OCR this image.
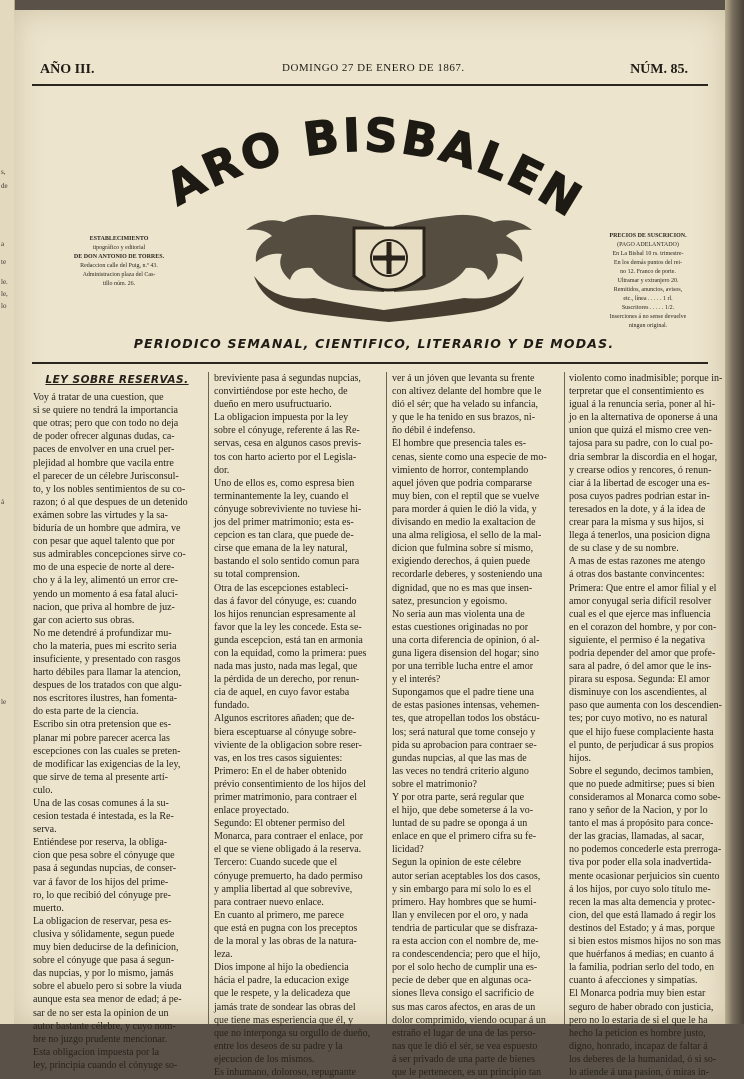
s,
de
a
te
le.
le,
lo
á
le
AÑO III.	DOMINGO 27 DE ENERO DE 1867.	NÚM. 85.
ARO BISBALEN
ESTABLECIMIENTO
tipográfico y editorial
DE DON ANTONIO DE TORRES.
Redaccion calle del Puig, n.º 43.
Administracion plaza del Cas-
tillo núm. 26.
PRECIOS DE SUSCRICION.
(PAGO ADELANTADO)
En La Bisbal 10 rs. trimestre-
En los demás puntos del rei-
no 12. Franco de porte.
Ultramar y extranjero 20.
Remitidos, anuncios, avisos,
etc., línea . . . . . 1 rl.
Suscritores . . . . . 1/2.
Inserciones á no sense devuelve
ningun original.
PERIODICO SEMANAL, CIENTIFICO, LITERARIO Y DE MODAS.
LEY SOBRE RESERVAS.
Voy á tratar de una cuestion, que
si se quiere no tendrá la importancia
que otras; pero que con todo no deja
de poder ofrecer algunas dudas, ca-
paces de envolver en una cruel per-
plejidad al hombre que vacila entre
el parecer de un célebre Jurisconsul-
to, y los nobles sentimientos de su co-
razon; ó al que despues de un detenido
exámen sobre las virtudes y la sa-
biduría de un hombre que admira, ve
con pesar que aquel talento que por
sus admirables concepciones sirve co-
mo de una especie de norte al dere-
cho y á la ley, alimentó un error cre-
yendo un momento á esa fatal aluci-
nacion, que priva al hombre de juz-
gar con acierto sus obras.
No me detendré á profundizar mu-
cho la materia, pues mi escrito seria
insuficiente, y presentado con rasgos
harto débiles para llamar la atencion,
despues de los tratados con que algu-
nos escritores ilustres, han fomenta-
do esta parte de la ciencia.
Escribo sin otra pretension que es-
planar mi pobre parecer acerca las
escepciones con las cuales se preten-
de modificar las exigencias de la ley,
que sirve de tema al presente artí-
culo.
Una de las cosas comunes á la su-
cesion testada é intestada, es la Re-
serva.
Entiéndese por reserva, la obliga-
cion que pesa sobre el cónyuge que
pasa á segundas nupcias, de conser-
var á favor de los hijos del prime-
ro, lo que recibió del cónyuge pre-
muerto.
La obligacion de reservar, pesa es-
clusiva y sólidamente, segun puede
muy bien deducirse de la definicion,
sobre el cónyuge que pasa á segun-
das nupcias, y por lo mismo, jamás
sobre el abuelo pero si sobre la viuda
aunque esta sea menor de edad; á pe-
sar de no ser esta la opinion de un
autor bastante célebre, y cuyo nom-
bre no juzgo prudente mencionar.
Esta obligacion impuesta por la
ley, principia cuando el cónyuge so-
breviviente pasa á segundas nupcias,
convirtiéndose por este hecho, de
dueño en mero usufructuario.
La obligacion impuesta por la ley
sobre el cónyuge, referente á las Re-
servas, cesa en algunos casos previs-
tos con harto acierto por el Legisla-
dor.
Uno de ellos es, como espresa bien
terminantemente la ley, cuando el
cónyuge sobreviviente no tuviese hi-
jos del primer matrimonio; esta es-
cepcion es tan clara, que puede de-
cirse que emana de la ley natural,
bastando el solo sentido comun para
su total comprension.
Otra de las escepciones estableci-
das á favor del cónyuge, es: cuando
los hijos renuncian espresamente al
favor que la ley les concede. Esta se-
gunda escepcion, está tan en armonia
con la equidad, como la primera: pues
nada mas justo, nada mas legal, que
la pérdida de un derecho, por renun-
cia de aquel, en cuyo favor estaba
fundado.
Algunos escritores añaden; que de-
biera esceptuarse al cónyuge sobre-
viviente de la obligacion sobre reser-
vas, en los tres casos siguientes:
Primero: En el de haber obtenido
prévio consentimiento de los hijos del
primer matrimonio, para contraer el
enlace proyectado.
Segundo: El obtener permiso del
Monarca, para contraer el enlace, por
el que se viene obligado á la reserva.
Tercero: Cuando sucede que el
cónyuge premuerto, ha dado permiso
y amplia libertad al que sobrevive,
para contraer nuevo enlace.
En cuanto al primero, me parece
que está en pugna con los preceptos
de la moral y las obras de la natura-
leza.
Dios impone al hijo la obediencia
hácia el padre, la educacion exige
que le respete, y la delicadeza que
jamás trate de sondear las obras del
que tiene mas esperiencia que él, y
que no interponga su orgullo de dueño,
entre los deseos de su padre y la
ejecucion de los mismos.
Es inhumano, doloroso, repugnante
ver á un jóven que levanta su frente
con altivez delante del hombre que le
dió el sér; que ha velado su infancia,
y que le ha tenido en sus brazos, ni-
ño débil é indefenso.
El hombre que presencia tales es-
cenas, siente como una especie de mo-
vimiento de horror, contemplando
aquel jóven que podria compararse
muy bien, con el reptil que se vuelve
para morder á quien le dió la vida, y
divisando en medio la exaltacion de
una alma religiosa, el sello de la mal-
dicion que fulmina sobre sí mismo,
exigiendo derechos, á quien puede
recordarle deberes, y sosteniendo una
dignidad, que no es mas que insen-
satez, presuncion y egoismo.
No seria aun mas violenta una de
estas cuestiones originadas no por
una corta diferencia de opinion, ó al-
guna ligera disension del hogar; sino
por una terrible lucha entre el amor
y el interés?
Supongamos que el padre tiene una
de estas pasiones intensas, vehemen-
tes, que atropellan todos los obstácu-
los; será natural que tome consejo y
pida su aprobacion para contraer se-
gundas nupcias, al que las mas de
las veces no tendrá criterio alguno
sobre el matrimonio?
Y por otra parte, será regular que
el hijo, que debe someterse á la vo-
luntad de su padre se oponga á un
enlace en que el primero cifra su fe-
licidad?
Segun la opinion de este célebre
autor serian aceptables los dos casos,
y sin embargo para mí solo lo es el
primero. Hay hombres que se humi-
llan y envilecen por el oro, y nada
tendria de particular que se disfraza-
ra esta accion con el nombre de, me-
ra condescendencia; pero que el hijo,
por el solo hecho de cumplir una es-
pecie de deber que en algunas oca-
siones lleva consigo el sacrificio de
sus mas caros afectos, en aras de un
dolor comprimido, viendo ocupar á un
estraño el lugar de una de las perso-
nas que le dió el sér, se vea espuesto
á ser privado de una parte de bienes
que le pertenecen, es un principio tan
violento como inadmisible; porque in-
terpretar que el consentimiento es
igual á la renuncia seria, poner al hi-
jo en la alternativa de oponerse á una
union que quizá el mismo cree ven-
tajosa para su padre, con lo cual po-
dria sembrar la discordia en el hogar,
y crearse odios y rencores, ó renun-
ciar á la libertad de escoger una es-
posa cuyos padres podrian estar in-
teresados en la dote, y á la idea de
crear para la misma y sus hijos, si
llega á tenerlos, una posicion digna
de su clase y de su nombre.
A mas de estas razones me atengo
á otras dos bastante convincentes:
Primera: Que entre el amor filial y el
amor conyugal seria difícil resolver
cual es el que ejerce mas influencia
en el corazon del hombre, y por con-
siguiente, el permiso é la negativa
podria depender del amor que profe-
sara al padre, ó del amor que le ins-
pirara su esposa. Segunda: El amor
disminuye con los ascendientes, al
paso que aumenta con los descendien-
tes; por cuyo motivo, no es natural
que el hijo fuese complaciente hasta
el punto, de perjudicar á sus propios
hijos.
Sobre el segundo, decimos tambien,
que no puede admitirse; pues si bien
consideramos al Monarca como sobe-
rano y señor de la Nacion, y por lo
tanto el mas á propósito para conce-
der las gracias, llamadas, al sacar,
no podemos concederle esta prerroga-
tiva por poder ella sola inadvertida-
mente ocasionar perjuicios sin cuento
á los hijos, por cuyo solo título me-
recen la mas alta demencia y protec-
cion, del que está llamado á regir los
destinos del Estado; y á mas, porque
si bien estos mismos hijos no son mas
que huérfanos á medias; en cuanto á
la familia, podrian serlo del todo, en
cuanto á afecciones y simpatías.
El Monarca podria muy bien estar
seguro de haber obrado con justicia,
pero no lo estaria de si el que le ha
hecho la peticion es hombre justo,
digno, honrado, incapaz de faltar á
los deberes de la humanidad, ó si so-
lo atiende á una pasion, ó miras in-
